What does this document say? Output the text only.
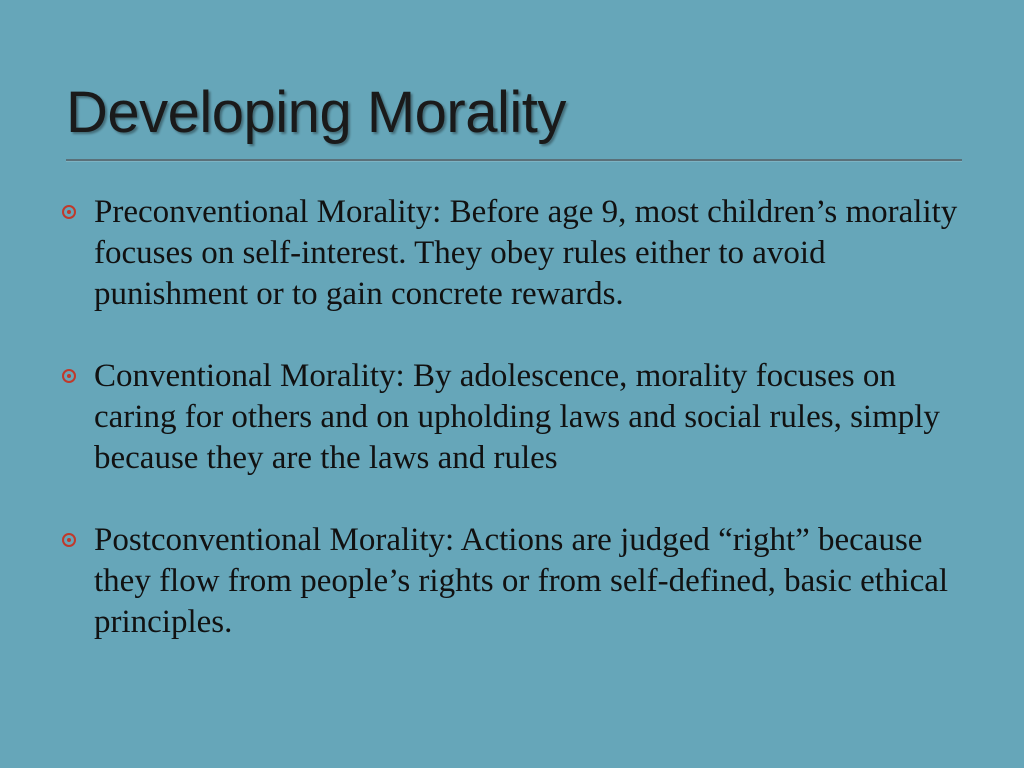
Developing Morality
Preconventional Morality: Before age 9, most children’s morality focuses on self-interest. They obey rules either to avoid punishment or to gain concrete rewards.
Conventional Morality: By adolescence, morality focuses on caring for others and on upholding laws and social rules, simply because they are the laws and rules
Postconventional Morality: Actions are judged “right” because they flow from people’s rights or from self-defined, basic ethical principles.
